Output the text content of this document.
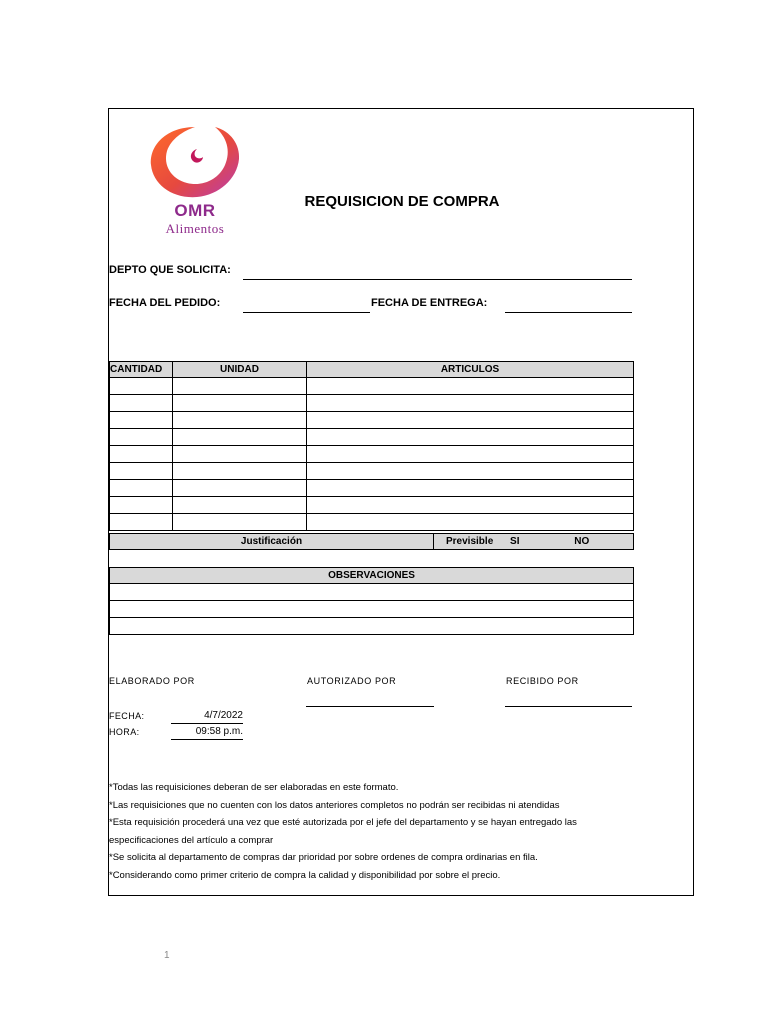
OMR
Alimentos
REQUISICION DE COMPRA
DEPTO QUE SOLICITA:
FECHA DEL PEDIDO:	FECHA DE ENTREGA:
CANTIDAD	UNIDAD	ARTICULOS

Justificación	Previsible SI	NO
OBSERVACIONES

ELABORADO POR	AUTORIZADO POR	RECIBIDO POR
FECHA:	4/7/2022
HORA:	09:58 p.m.
*Todas las requisiciones deberan de ser elaboradas en este formato.
*Las requisiciones que no cuenten con los datos anteriores completos no podrán ser recibidas ni atendidas
*Esta requisición procederá una vez que esté autorizada por el jefe del departamento y se hayan entregado las
especificaciones del artículo a comprar
*Se solicita al departamento de compras dar prioridad por sobre ordenes de compra ordinarias en fila.
*Considerando como primer criterio de compra la calidad y disponibilidad por sobre el precio.
1
